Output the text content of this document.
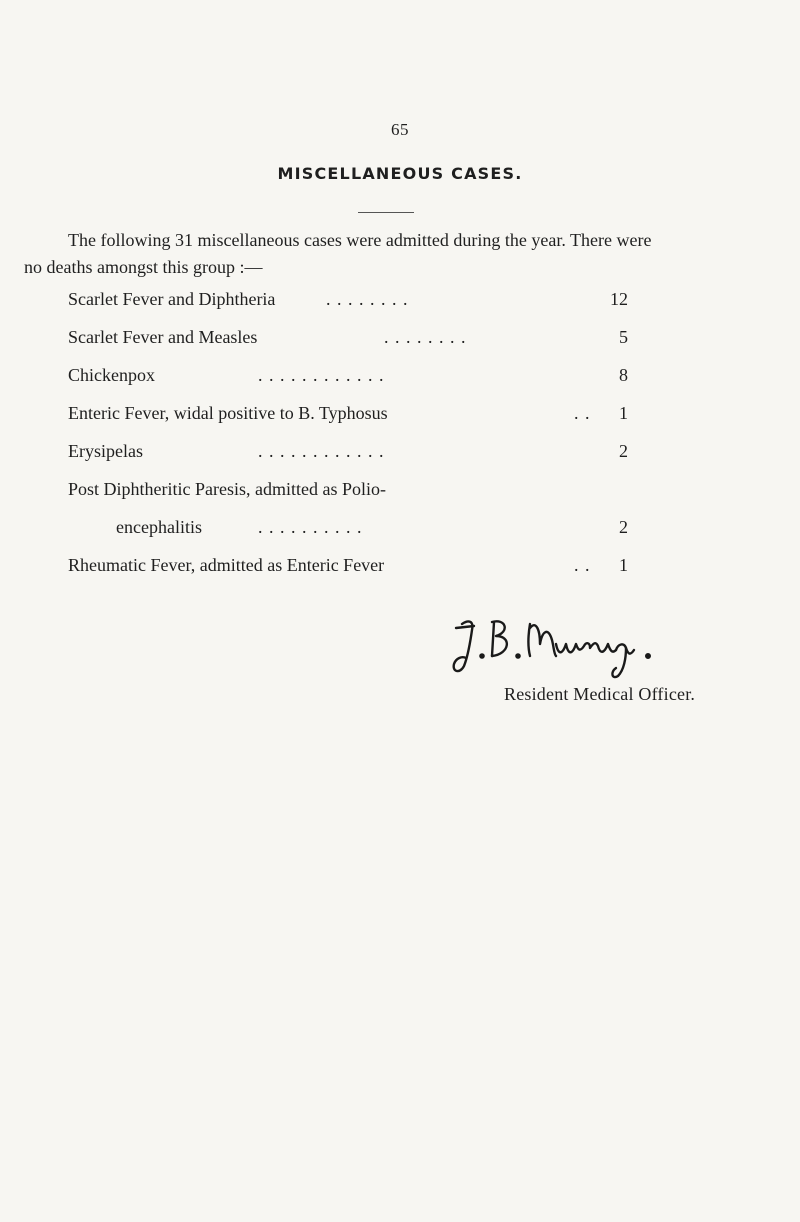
65
MISCELLANEOUS CASES.
The following 31 miscellaneous cases were admitted during the year. There were
no deaths amongst this group :—
Scarlet Fever and Diphtheria	. . . . . . . .	12
Scarlet Fever and Measles	. . . . . . . .	5
Chickenpox	. . . . . . . . . . . .	8
Enteric Fever, widal positive to B. Typhosus	. .	1
Erysipelas	. . . . . . . . . . . .	2
Post Diphtheritic Paresis, admitted as Polio-
encephalitis	. . . . . . . . . .	2
Rheumatic Fever, admitted as Enteric Fever	. .	1
Resident Medical Officer.
